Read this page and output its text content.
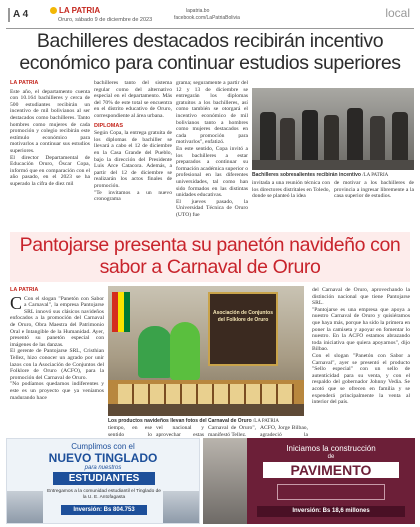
A 4	LA PATRIA
Oruro, sábado 9 de diciembre de 2023
lapatria.bo
facebook.com/LaPatriaBolivia	local
Bachilleres destacados recibirán incentivo económico para continuar estudios superiores
LA PATRIA
Este año, el departamento cuenta con 10.164 bachilleres y cerca de 500 estudiantes recibirán un incentivo de mil bolivianos al ser destacados como bachilleres. Tanto hombres como mujeres de cada promoción y colegio recibirán este estímulo económico para motivarlos a continuar sus estudios superiores.
El director Departamental de Educación Oruro, Óscar Copa, informó que en comparación con el año pasado, en el 2023 se ha superado la cifra de diez mil
bachilleres tanto del sistema regular como del alternativo especial en el departamento. Más del 70% de este total se encuentra en el distrito educativo de Oruro, correspondiente al área urbana.
DIPLOMAS
Según Copa, la entrega gratuita de los diplomas de bachiller se llevará a cabo el 12 de diciembre en la Casa Grande del Pueblo, bajo la dirección del Presidente Luis Arce Catacora. Además, a partir del 12 de diciembre se realizarán los actos finales de promoción.
"Te invitamos a un nuevo cronograma
grama; seguramente a partir del 12 y 13 de diciembre se entregarán los diplomas gratuitos a los bachilleres, así como también se otorgará el incentivo económico de mil bolivianos tanto a hombres como mujeres destacados en cada promoción para motivarlos", enfatizó.
En este sentido, Copa invitó a los bachilleres a estar preparados a continuar su formación académica superior o profesional en las diferentes universidades, tal como han sido formados en las distintas unidades educativas.
El jueves pasado, la Universidad Técnica de Oruro (UTO) fue
Bachilleres sobresalientes recibirán incentivo /LA PATRIA
invitada a una reunión técnica con los directores distritales en Toledo, donde se planteó la idea
de motivar a los bachilleres de provincia a ingresar libremente a la casa superior de estudios.
Pantojarse presenta su panetón navideño con sabor a Carnaval de Oruro
LA PATRIA
C Con el slogan "Panetón con Sabor a Carnaval", la empresa Pantojarse SRL innovó sus clásicos navideños enfocados a la promoción del Carnaval de Oruro, Obra Maestra del Patrimonio Oral e Intangible de la Humanidad. Ayer, presentó su panetón especial con imágenes de las danzas.
El gerente de Pantojarse SRL, Cristhian Tellez, hizo conocer un agrado por unir lazos con la Asociación de Conjuntos del Folklore de Oruro (ACFO), para la promoción del Carnaval de Oruro.
"No podíamos quedarnos indiferentes y este es un proyecto que ya veníamos madurando hace
Asociación de Conjuntos del Folklore de Oruro
Los productos navideños llevan fotos del Carnaval de Oruro /LA PATRIA
tiempo, en ese sentido lo
vel nacional y aprovechar estas
Carnaval de Oruro", manifestó Tellez.

ACFO, Jorge Bilbao, agradeció la
del Carnaval de Oruro, aprovechando la distinción nacional que tiene Pantojarse SRL.
"Pantojarse es una empresa que apoya a nuestro Carnaval de Oruro y quisiéramos que haya más, porque ha sido la primera en poner la camiseta y apoyar en fomentar lo nuestro. En la ACFO estamos abrazando toda iniciativa que quiera apoyarnos", dijo Bilbao.
Con el slogan "Panetón con Sabor a Carnaval", ayer se presentó el producto "Sello especial" con un sello de autenticidad para su venta, y con el respaldo del gobernador Johnny Vedia. Se acotó que se ofrecen en familia y se expenderá principalmente la venta al interior del país.
Cumplimos con el
NUEVO TINGLADO
para nuestros
ESTUDIANTES
Entregamos a la comunidad estudiantil el Tinglado de la U. E. Antofagasta
Inversión: Bs 804.753
Iniciamos la construcción
de
PAVIMENTO
Inversión: Bs 18,6 millones
